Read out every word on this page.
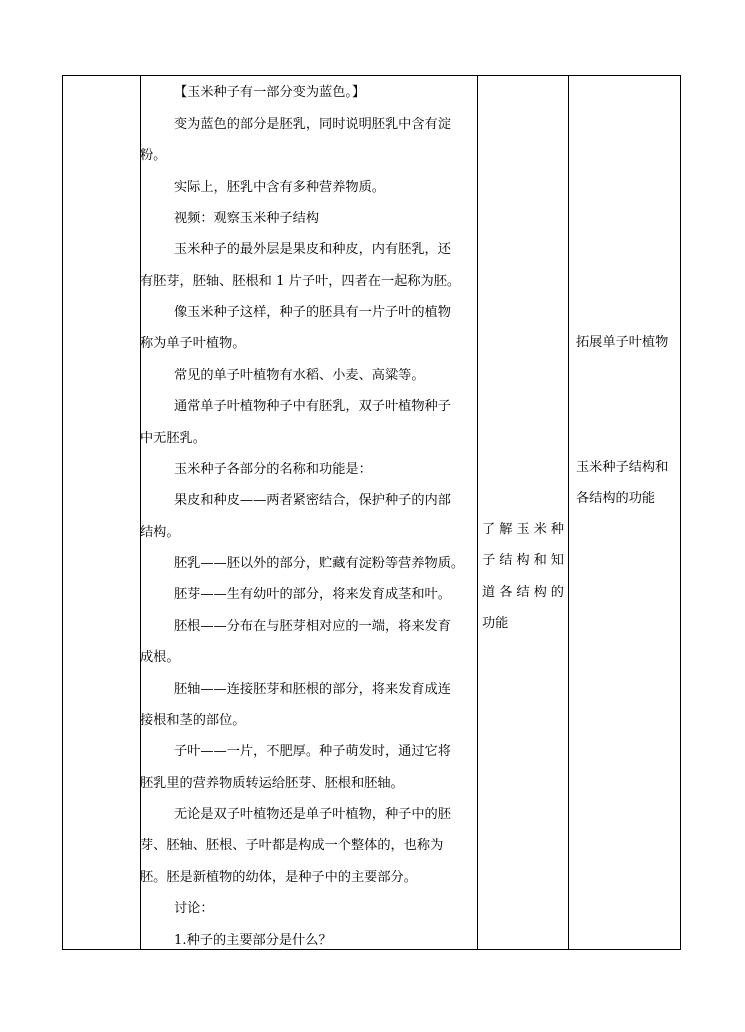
【玉米种子有一部分变为蓝色。】
变为蓝色的部分是胚乳，同时说明胚乳中含有淀
粉。
实际上，胚乳中含有多种营养物质。
视频：观察玉米种子结构
玉米种子的最外层是果皮和种皮，内有胚乳，还
有胚芽，胚轴、胚根和 1 片子叶，四者在一起称为胚。
像玉米种子这样，种子的胚具有一片子叶的植物
称为单子叶植物。
常见的单子叶植物有水稻、小麦、高粱等。
通常单子叶植物种子中有胚乳，双子叶植物种子
中无胚乳。
玉米种子各部分的名称和功能是：
果皮和种皮——两者紧密结合，保护种子的内部
结构。
胚乳——胚以外的部分，贮藏有淀粉等营养物质。
胚芽——生有幼叶的部分，将来发育成茎和叶。
胚根——分布在与胚芽相对应的一端，将来发育
成根。
胚轴——连接胚芽和胚根的部分，将来发育成连
接根和茎的部位。
子叶——一片，不肥厚。种子萌发时，通过它将
胚乳里的营养物质转运给胚芽、胚根和胚轴。
无论是双子叶植物还是单子叶植物，种子中的胚
芽、胚轴、胚根、子叶都是构成一个整体的，也称为
胚。胚是新植物的幼体，是种子中的主要部分。
讨论：
1.种子的主要部分是什么？
了解玉米种
子结构和知
道各结构的
功能
拓展单子叶植物
玉米种子结构和
各结构的功能
